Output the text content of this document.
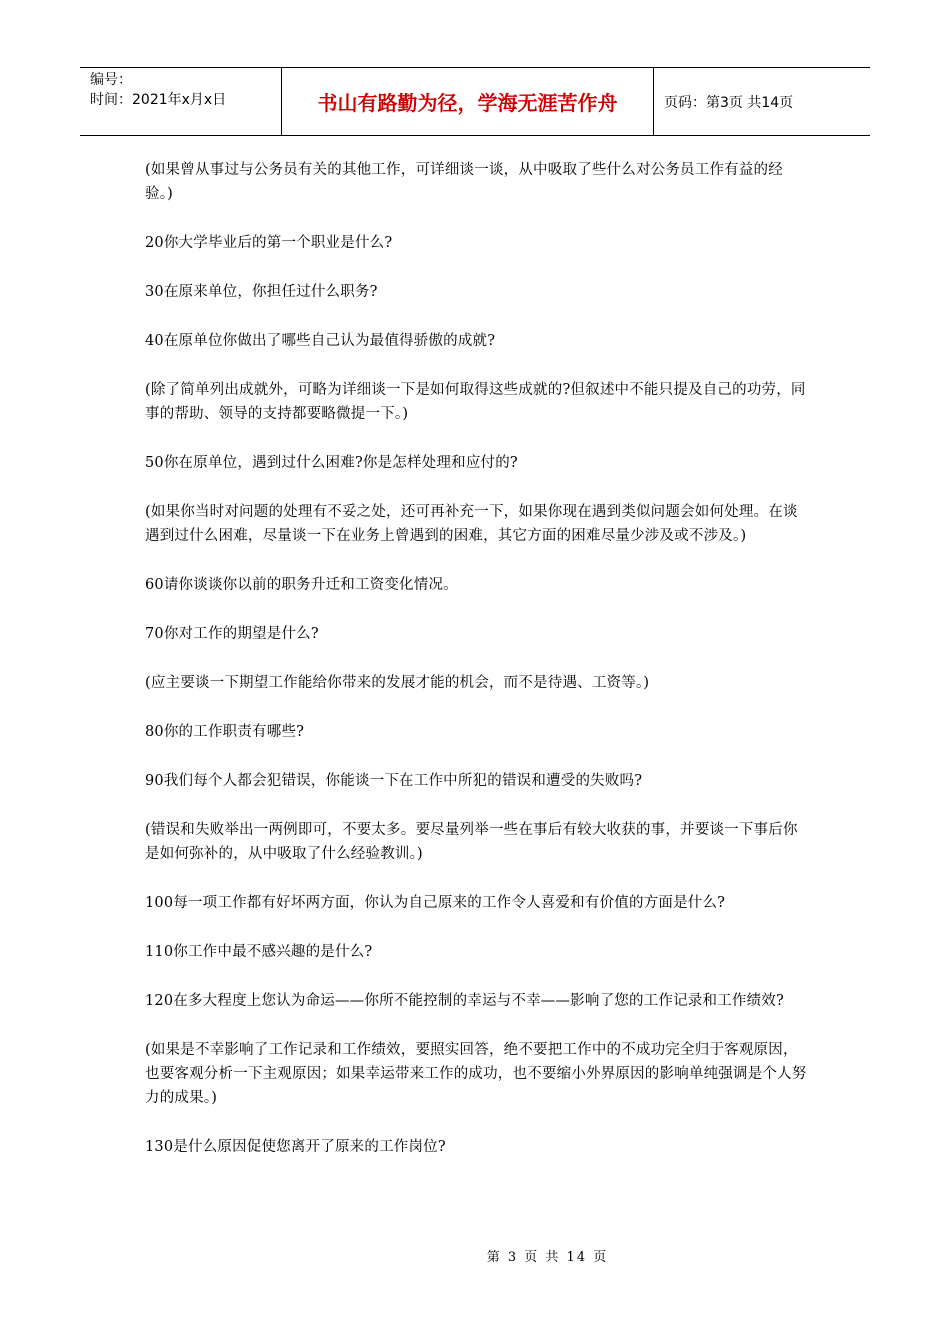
编号：
时间：2021年x月x日	书山有路勤为径，学海无涯苦作舟	页码：第3页 共14页

(如果曾从事过与公务员有关的其他工作，可详细谈一谈，从中吸取了些什么对公务员工作有益的经验。)

20你大学毕业后的第一个职业是什么?

30在原来单位，你担任过什么职务?

40在原单位你做出了哪些自己认为最值得骄傲的成就?

(除了简单列出成就外，可略为详细谈一下是如何取得这些成就的?但叙述中不能只提及自己的功劳，同事的帮助、领导的支持都要略微提一下。)

50你在原单位，遇到过什么困难?你是怎样处理和应付的?

(如果你当时对问题的处理有不妥之处，还可再补充一下，如果你现在遇到类似问题会如何处理。在谈遇到过什么困难，尽量谈一下在业务上曾遇到的困难，其它方面的困难尽量少涉及或不涉及。)

60请你谈谈你以前的职务升迁和工资变化情况。

70你对工作的期望是什么?

(应主要谈一下期望工作能给你带来的发展才能的机会，而不是待遇、工资等。)

80你的工作职责有哪些?

90我们每个人都会犯错误，你能谈一下在工作中所犯的错误和遭受的失败吗?

(错误和失败举出一两例即可，不要太多。要尽量列举一些在事后有较大收获的事，并要谈一下事后你是如何弥补的，从中吸取了什么经验教训。)

100每一项工作都有好坏两方面，你认为自己原来的工作令人喜爱和有价值的方面是什么?

110你工作中最不感兴趣的是什么?

120在多大程度上您认为命运——你所不能控制的幸运与不幸——影响了您的工作记录和工作绩效?

(如果是不幸影响了工作记录和工作绩效，要照实回答，绝不要把工作中的不成功完全归于客观原因，也要客观分析一下主观原因；如果幸运带来工作的成功，也不要缩小外界原因的影响单纯强调是个人努力的成果。)

130是什么原因促使您离开了原来的工作岗位?

第 3 页 共 14 页
